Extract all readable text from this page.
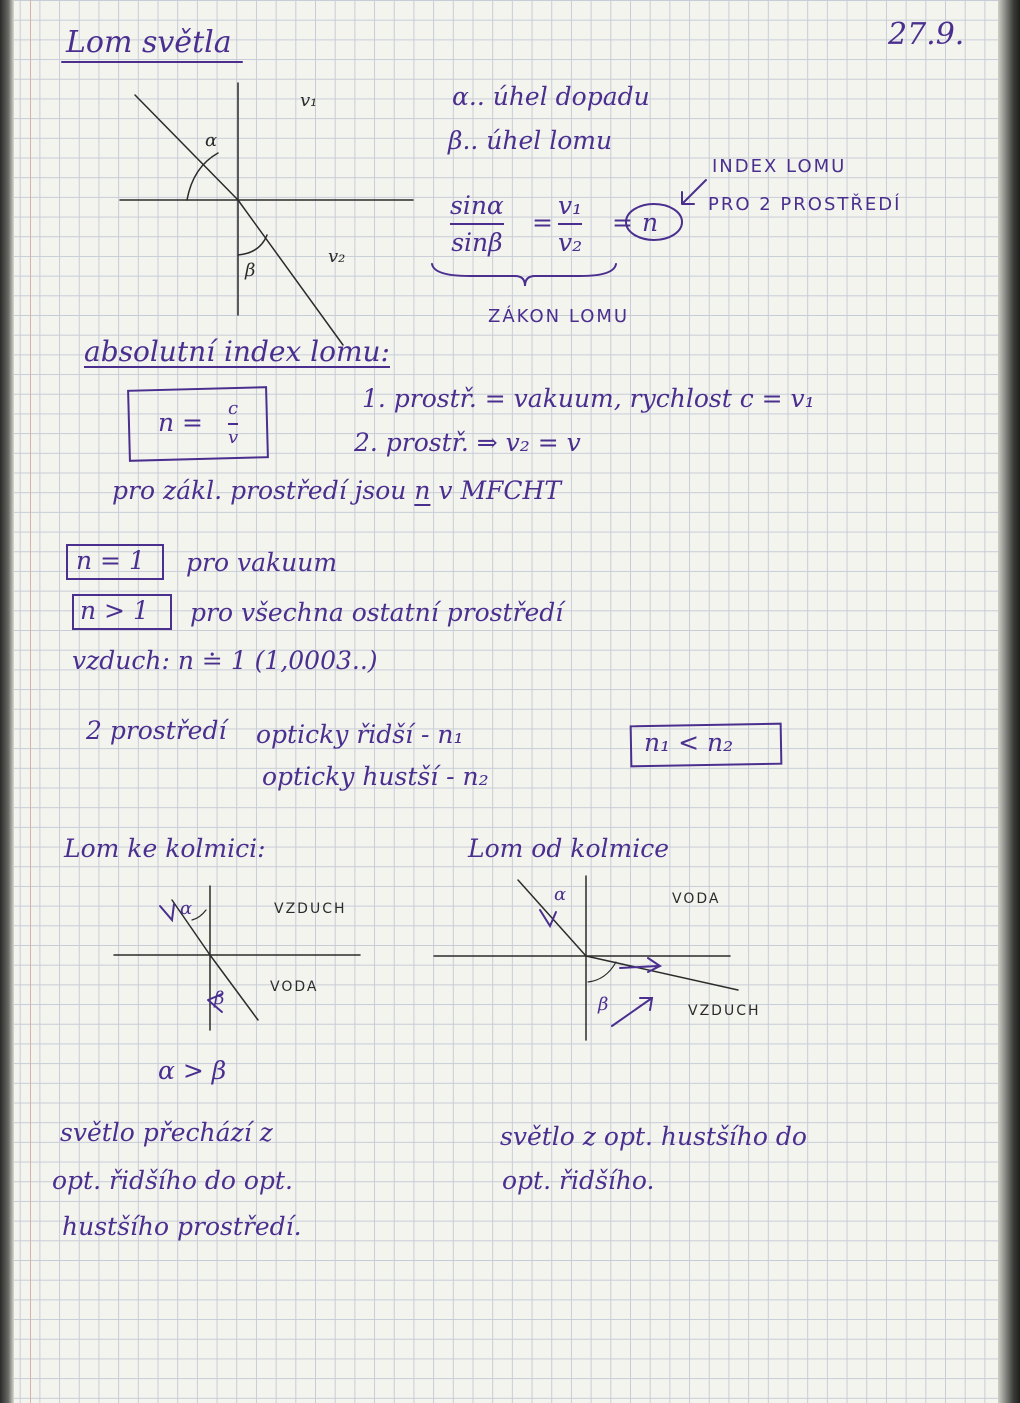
Lom světla	27.9.
α
β
v₁
v₂
α.. úhel dopadu
β.. úhel lomu
sinα
sinβ
=
v₁
v₂
= n
INDEX LOMU
PRO 2 PROSTŘEDÍ
ZÁKON LOMU
absolutní index lomu:
n = c
v
1. prostř. = vakuum, rychlost c = v₁
2. prostř. ⇒ v₂ = v
pro zákl. prostředí jsou n v MFCHT
n = 1 pro vakuum
n > 1 pro všechna ostatní prostředí
vzduch: n ≐ 1 (1,0003..)
2 prostředí opticky řidší - n₁
opticky hustší - n₂
n₁ < n₂
Lom ke kolmici:	Lom od kolmice
α
β
VZDUCH
VODA
α > β
α
β
VODA
VZDUCH
světlo přechází z
opt. řidšího do opt.
hustšího prostředí.
světlo z opt. hustšího do
opt. řidšího.
